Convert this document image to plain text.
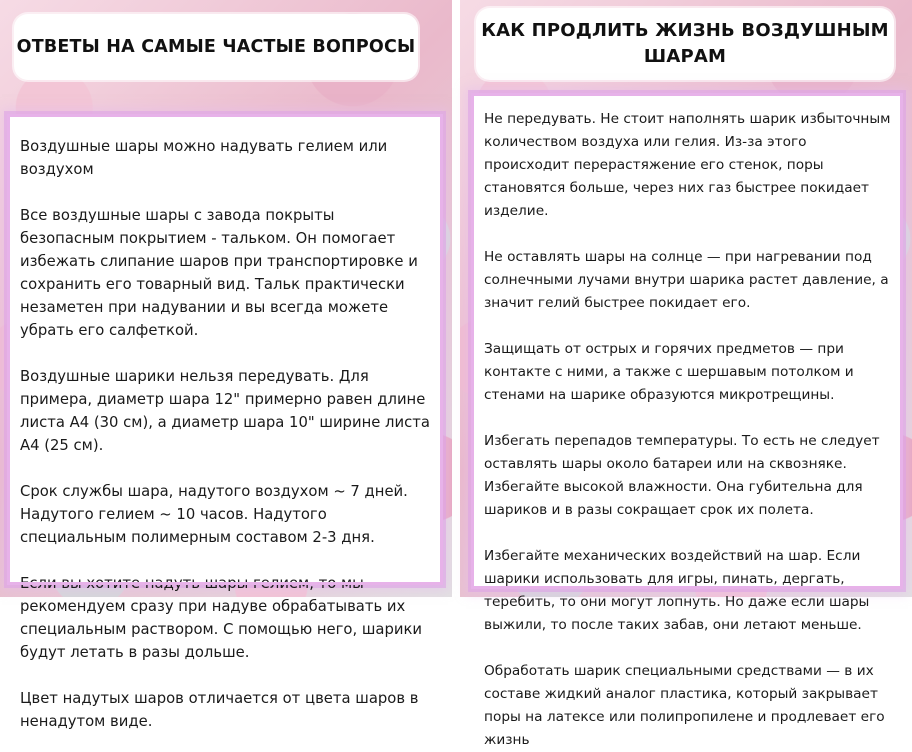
ОТВЕТЫ НА САМЫЕ ЧАСТЫЕ ВОПРОСЫ

Воздушные шары можно надувать гелием или воздухом

Все воздушные шары с завода покрыты безопасным покрытием - тальком. Он помогает избежать слипание шаров при транспортировке и сохранить его товарный вид. Тальк практически незаметен при надувании и вы всегда можете убрать его салфеткой.

Воздушные шарики нельзя передувать. Для примера, диаметр шара 12" примерно равен длине листа А4 (30 см), а диаметр шара 10" ширине листа А4 (25 см).

Срок службы шара, надутого воздухом ~ 7 дней. Надутого гелием ~ 10 часов. Надутого специальным полимерным составом 2-3 дня.

Если вы хотите надуть шары гелием, то мы рекомендуем сразу при надуве обрабатывать их специальным раствором. С помощью него, шарики будут летать в разы дольше.

Цвет надутых шаров отличается от цвета шаров в ненадутом виде.

КАК ПРОДЛИТЬ ЖИЗНЬ ВОЗДУШНЫМ ШАРАМ

Не передувать. Не стоит наполнять шарик избыточным количеством воздуха или гелия. Из-за этого происходит перерастяжение его стенок, поры становятся больше, через них газ быстрее покидает изделие.

Не оставлять шары на солнце — при нагревании под солнечными лучами внутри шарика растет давление, а значит гелий быстрее покидает его.

Защищать от острых и горячих предметов — при контакте с ними, а также с шершавым потолком и стенами на шарике образуются микротрещины.

Избегать перепадов температуры. То есть не следует оставлять шары около батареи или на сквозняке. Избегайте высокой влажности. Она губительна для шариков и в разы сокращает срок их полета.

Избегайте механических воздействий на шар. Если шарики использовать для игры, пинать, дергать, теребить, то они могут лопнуть. Но даже если шары выжили, то после таких забав, они летают меньше.

Обработать шарик специальными средствами — в их составе жидкий аналог пластика, который закрывает поры на латексе или полипропилене и продлевает его жизнь
